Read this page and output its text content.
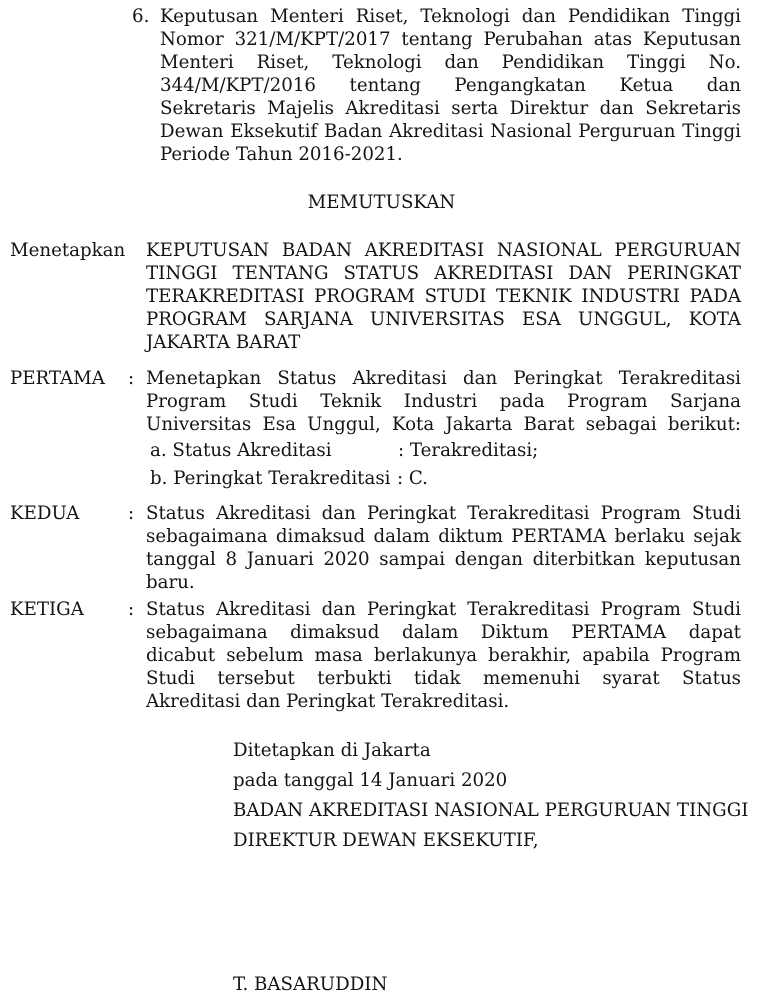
6. Keputusan Menteri Riset, Teknologi dan Pendidikan Tinggi
Nomor 321/M/KPT/2017 tentang Perubahan atas Keputusan
Menteri Riset, Teknologi dan Pendidikan Tinggi No.
344/M/KPT/2016 tentang Pengangkatan Ketua dan
Sekretaris Majelis Akreditasi serta Direktur dan Sekretaris
Dewan Eksekutif Badan Akreditasi Nasional Perguruan Tinggi
Periode Tahun 2016-2021.
MEMUTUSKAN
Menetapkan KEPUTUSAN BADAN AKREDITASI NASIONAL PERGURUAN
TINGGI TENTANG STATUS AKREDITASI DAN PERINGKAT
TERAKREDITASI PROGRAM STUDI TEKNIK INDUSTRI PADA
PROGRAM SARJANA UNIVERSITAS ESA UNGGUL, KOTA
JAKARTA BARAT
PERTAMA : Menetapkan Status Akreditasi dan Peringkat Terakreditasi
Program Studi Teknik Industri pada Program Sarjana
Universitas Esa Unggul, Kota Jakarta Barat sebagai berikut:
a. Status Akreditasi	: Terakreditasi;
b. Peringkat Terakreditasi : C.
KEDUA	: Status Akreditasi dan Peringkat Terakreditasi Program Studi
sebagaimana dimaksud dalam diktum PERTAMA berlaku sejak
tanggal 8 Januari 2020 sampai dengan diterbitkan keputusan
baru.
KETIGA : Status Akreditasi dan Peringkat Terakreditasi Program Studi
sebagaimana dimaksud dalam Diktum PERTAMA dapat
dicabut sebelum masa berlakunya berakhir, apabila Program
Studi tersebut terbukti tidak memenuhi syarat Status
Akreditasi dan Peringkat Terakreditasi.
Ditetapkan di Jakarta
pada tanggal 14 Januari 2020
BADAN AKREDITASI NASIONAL PERGURUAN TINGGI
DIREKTUR DEWAN EKSEKUTIF,
T. BASARUDDIN
